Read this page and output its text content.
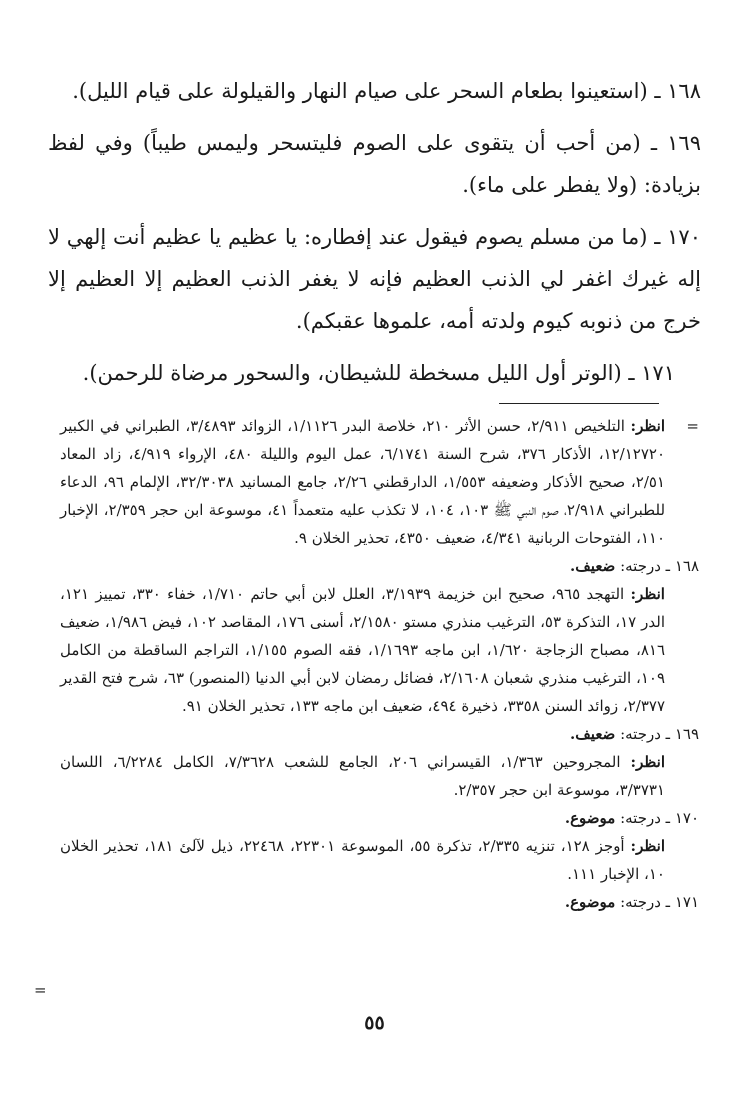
١٦٨ ـ (استعينوا بطعام السحر على صيام النهار والقيلولة على قيام الليل).

١٦٩ ـ (من أحب أن يتقوى على الصوم فليتسحر وليمس طيباً) وفي لفظ بزيادة: (ولا يفطر على ماء).

١٧٠ ـ (ما من مسلم يصوم فيقول عند إفطاره: يا عظيم يا عظيم أنت إلهي لا إله غيرك اغفر لي الذنب العظيم فإنه لا يغفر الذنب العظيم إلا العظيم إلا خرج من ذنوبه كيوم ولدته أمه، علموها عقبكم).

١٧١ ـ (الوتر أول الليل مسخطة للشيطان، والسحور مرضاة للرحمن).

=
انظر: التلخيص ٢/٩١١، حسن الأثر ٢١٠، خلاصة البدر ١/١١٢٦، الزوائد ٣/٤٨٩٣، الطبراني في الكبير ١٢/١٢٧٢٠، الأذكار ٣٧٦، شرح السنة ٦/١٧٤١، عمل اليوم والليلة ٤٨٠، الإرواء ٤/٩١٩، زاد المعاد ٢/٥١، صحيح الأذكار وضعيفه ١/٥٥٣، الدارقطني ٢/٢٦، جامع المسانيد ٣٢/٣٠٣٨، الإلمام ٩٦، الدعاء للطبراني ٢/٩١٨، صوم النبي ﷺ ١٠٣، ١٠٤، لا تكذب عليه متعمداً ٤١، موسوعة ابن حجر ٢/٣٥٩، الإخبار ١١٠، الفتوحات الربانية ٤/٣٤١، ضعيف ٤٣٥٠، تحذير الخلان ٩.
١٦٨ ـ درجته: ضعيف.
انظر: التهجد ٩٦٥، صحيح ابن خزيمة ٣/١٩٣٩، العلل لابن أبي حاتم ١/٧١٠، خفاء ٣٣٠، تمييز ١٢١، الدر ١٧، التذكرة ٥٣، الترغيب منذري مستو ٢/١٥٨٠، أسنى ١٧٦، المقاصد ١٠٢، فيض ١/٩٨٦، ضعيف ٨١٦، مصباح الزجاجة ١/٦٢٠، ابن ماجه ١/١٦٩٣، فقه الصوم ١/١٥٥، التراجم الساقطة من الكامل ١٠٩، الترغيب منذري شعبان ٢/١٦٠٨، فضائل رمضان لابن أبي الدنيا (المنصور) ٦٣، شرح فتح القدير ٢/٣٧٧، زوائد السنن ٣٣٥٨، ذخيرة ٤٩٤، ضعيف ابن ماجه ١٣٣، تحذير الخلان ٩١.
١٦٩ ـ درجته: ضعيف.
انظر: المجروحين ١/٣٦٣، القيسراني ٢٠٦، الجامع للشعب ٧/٣٦٢٨، الكامل ٦/٢٢٨٤، اللسان ٣/٣٧٣١، موسوعة ابن حجر ٢/٣٥٧.
١٧٠ ـ درجته: موضوع.
انظر: أوجز ١٢٨، تنزيه ٢/٣٣٥، تذكرة ٥٥، الموسوعة ٢٢٣٠١، ٢٢٤٦٨، ذيل لآلئ ١٨١، تحذير الخلان ١٠، الإخبار ١١١.
١٧١ ـ درجته: موضوع.
=
٥٥
